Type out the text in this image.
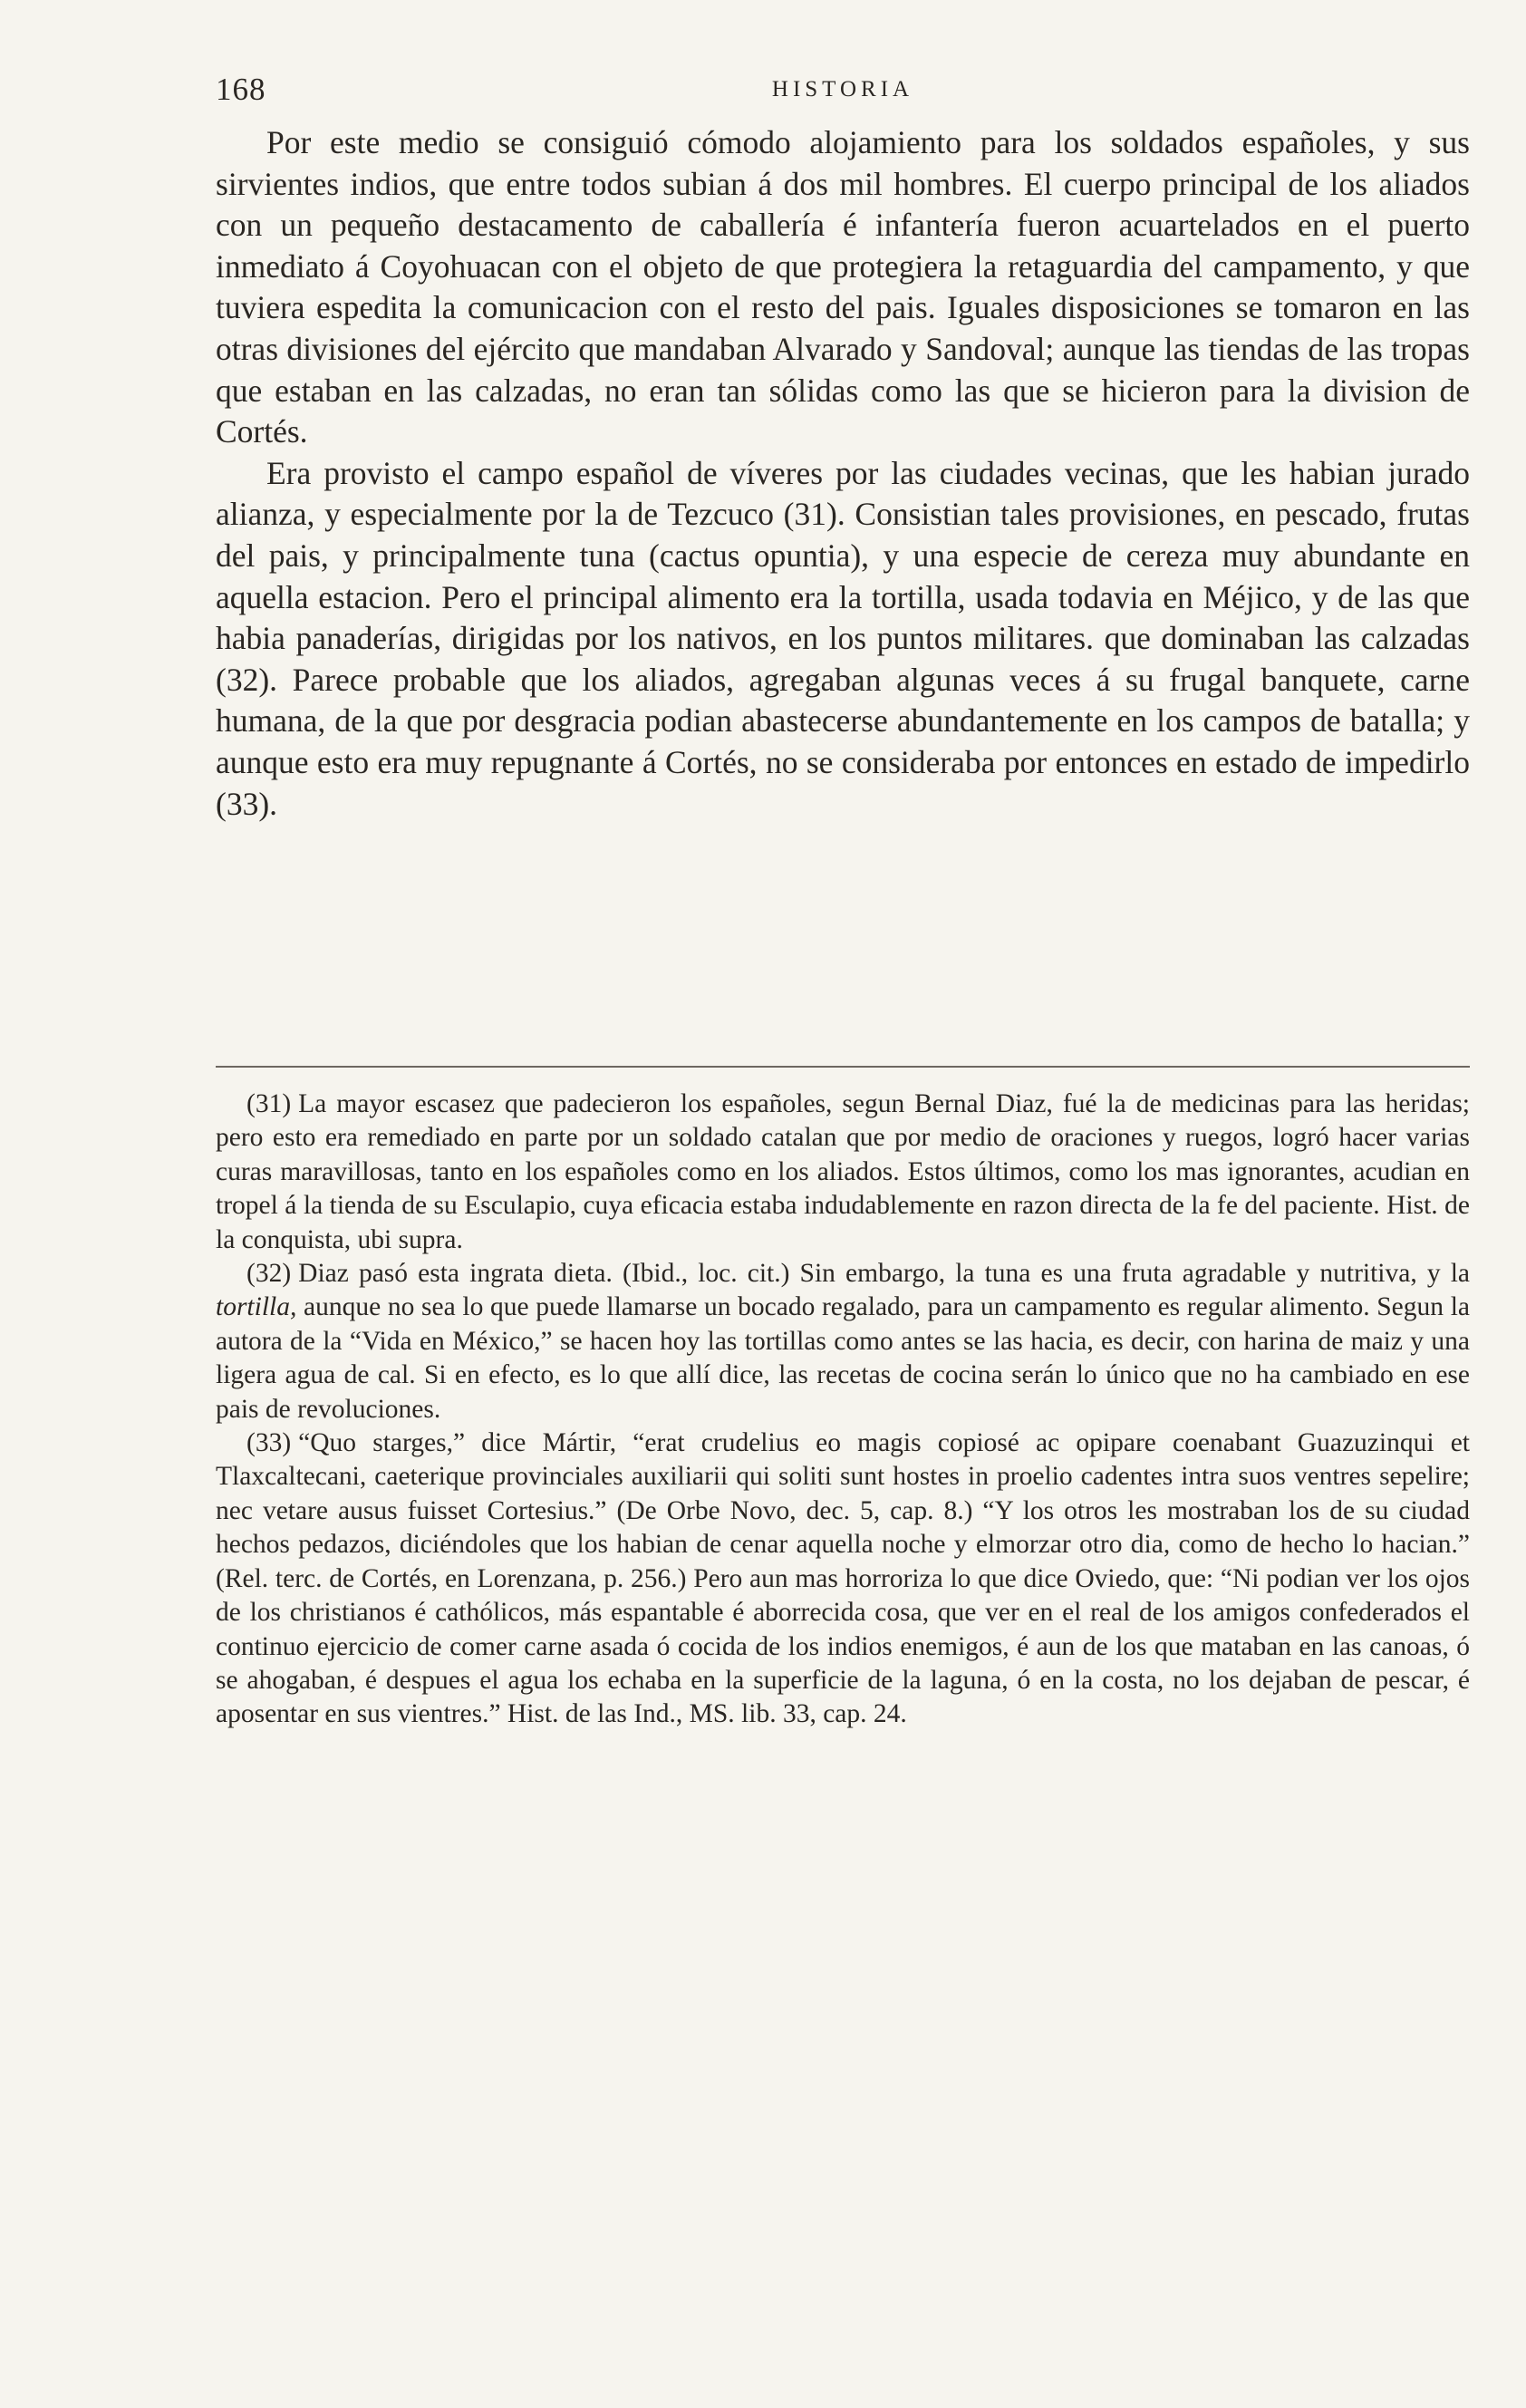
168	HISTORIA

Por este medio se consiguió cómodo alojamiento para los soldados españoles, y sus sirvientes indios, que entre todos subian á dos mil hombres. El cuerpo principal de los aliados con un pequeño destacamento de caballería é infantería fueron acuartelados en el puerto inmediato á Coyohuacan con el objeto de que protegiera la retaguardia del campamento, y que tuviera espedita la comunicacion con el resto del pais. Iguales disposiciones se tomaron en las otras divisiones del ejército que mandaban Alvarado y Sandoval; aunque las tiendas de las tropas que estaban en las calzadas, no eran tan sólidas como las que se hicieron para la division de Cortés.

Era provisto el campo español de víveres por las ciudades vecinas, que les habian jurado alianza, y especialmente por la de Tezcuco (31). Consistian tales provisiones, en pescado, frutas del pais, y principalmente tuna (cactus opuntia), y una especie de cereza muy abundante en aquella estacion. Pero el principal alimento era la tortilla, usada todavia en Méjico, y de las que habia panaderías, dirigidas por los nativos, en los puntos militares. que dominaban las calzadas (32). Parece probable que los aliados, agregaban algunas veces á su frugal banquete, carne humana, de la que por desgracia podian abastecerse abundantemente en los campos de batalla; y aunque esto era muy repugnante á Cortés, no se consideraba por entonces en estado de impedirlo (33).

(31) La mayor escasez que padecieron los españoles, segun Bernal Diaz, fué la de medicinas para las heridas; pero esto era remediado en parte por un soldado catalan que por medio de oraciones y ruegos, logró hacer varias curas maravillosas, tanto en los españoles como en los aliados. Estos últimos, como los mas ignorantes, acudian en tropel á la tienda de su Esculapio, cuya eficacia estaba indudablemente en razon directa de la fe del paciente. Hist. de la conquista, ubi supra.

(32) Diaz pasó esta ingrata dieta. (Ibid., loc. cit.) Sin embargo, la tuna es una fruta agradable y nutritiva, y la tortilla, aunque no sea lo que puede llamarse un bocado regalado, para un campamento es regular alimento. Segun la autora de la “Vida en México,” se hacen hoy las tortillas como antes se las hacia, es decir, con harina de maiz y una ligera agua de cal. Si en efecto, es lo que allí dice, las recetas de cocina serán lo único que no ha cambiado en ese pais de revoluciones.

(33) “Quo starges,” dice Mártir, “erat crudelius eo magis copiosé ac opipare coenabant Guazuzinqui et Tlaxcaltecani, caeterique provinciales auxiliarii qui soliti sunt hostes in proelio cadentes intra suos ventres sepelire; nec vetare ausus fuisset Cortesius.” (De Orbe Novo, dec. 5, cap. 8.) “Y los otros les mostraban los de su ciudad hechos pedazos, diciéndoles que los habian de cenar aquella noche y elmorzar otro dia, como de hecho lo hacian.” (Rel. terc. de Cortés, en Lorenzana, p. 256.) Pero aun mas horroriza lo que dice Oviedo, que: “Ni podian ver los ojos de los christianos é cathólicos, más espantable é aborrecida cosa, que ver en el real de los amigos confederados el continuo ejercicio de comer carne asada ó cocida de los indios enemigos, é aun de los que mataban en las canoas, ó se ahogaban, é despues el agua los echaba en la superficie de la laguna, ó en la costa, no los dejaban de pescar, é aposentar en sus vientres.” Hist. de las Ind., MS. lib. 33, cap. 24.
